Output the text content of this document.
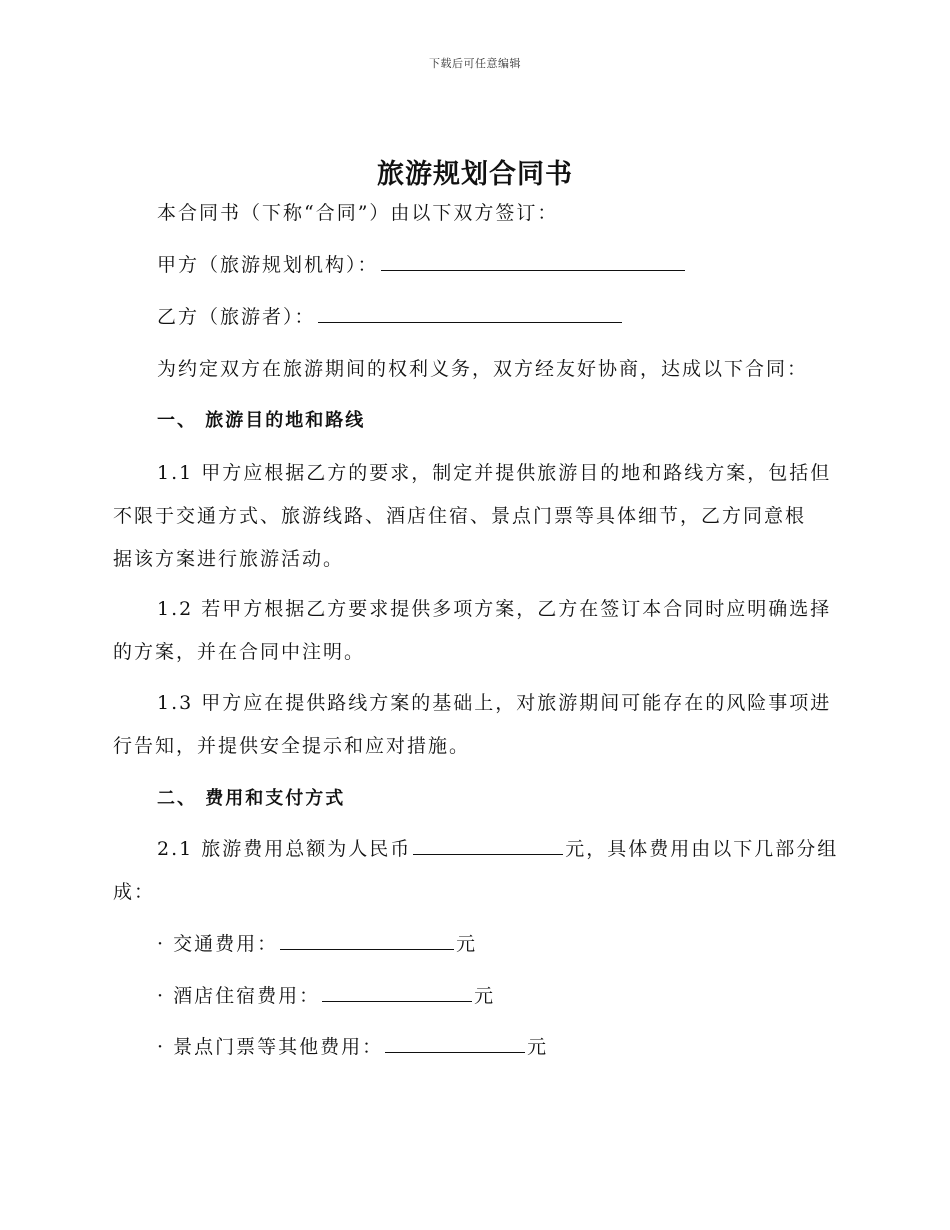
下载后可任意编辑
旅游规划合同书
本合同书（下称“合同”）由以下双方签订：
甲方（旅游规划机构）：
乙方（旅游者）：
为约定双方在旅游期间的权利义务，双方经友好协商，达成以下合同：
一、 旅游目的地和路线
1.1 甲方应根据乙方的要求，制定并提供旅游目的地和路线方案，包括但
不限于交通方式、旅游线路、酒店住宿、景点门票等具体细节，乙方同意根
据该方案进行旅游活动。
1.2 若甲方根据乙方要求提供多项方案，乙方在签订本合同时应明确选择
的方案，并在合同中注明。
1.3 甲方应在提供路线方案的基础上，对旅游期间可能存在的风险事项进
行告知，并提供安全提示和应对措施。
二、 费用和支付方式
2.1 旅游费用总额为人民币	元，具体费用由以下几部分组
成：
· 交通费用：	元
· 酒店住宿费用：	元
· 景点门票等其他费用：	元
